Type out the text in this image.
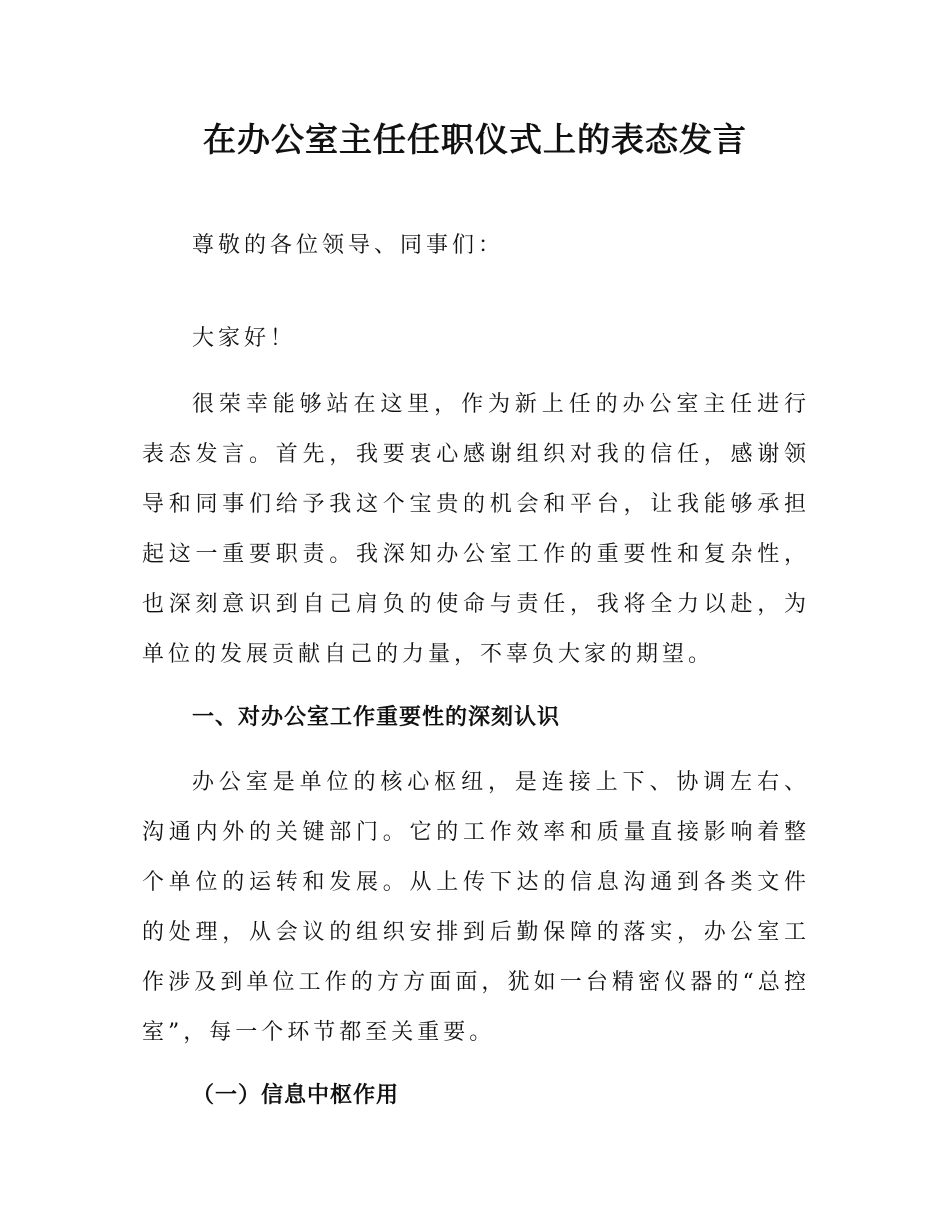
在办公室主任任职仪式上的表态发言

尊敬的各位领导、同事们：

大家好！

很荣幸能够站在这里，作为新上任的办公室主任进行表态发言。首先，我要衷心感谢组织对我的信任，感谢领导和同事们给予我这个宝贵的机会和平台，让我能够承担起这一重要职责。我深知办公室工作的重要性和复杂性，也深刻意识到自己肩负的使命与责任，我将全力以赴，为单位的发展贡献自己的力量，不辜负大家的期望。

一、对办公室工作重要性的深刻认识

办公室是单位的核心枢纽，是连接上下、协调左右、沟通内外的关键部门。它的工作效率和质量直接影响着整个单位的运转和发展。从上传下达的信息沟通到各类文件的处理，从会议的组织安排到后勤保障的落实，办公室工作涉及到单位工作的方方面面，犹如一台精密仪器的“总控室”，每一个环节都至关重要。

（一）信息中枢作用
